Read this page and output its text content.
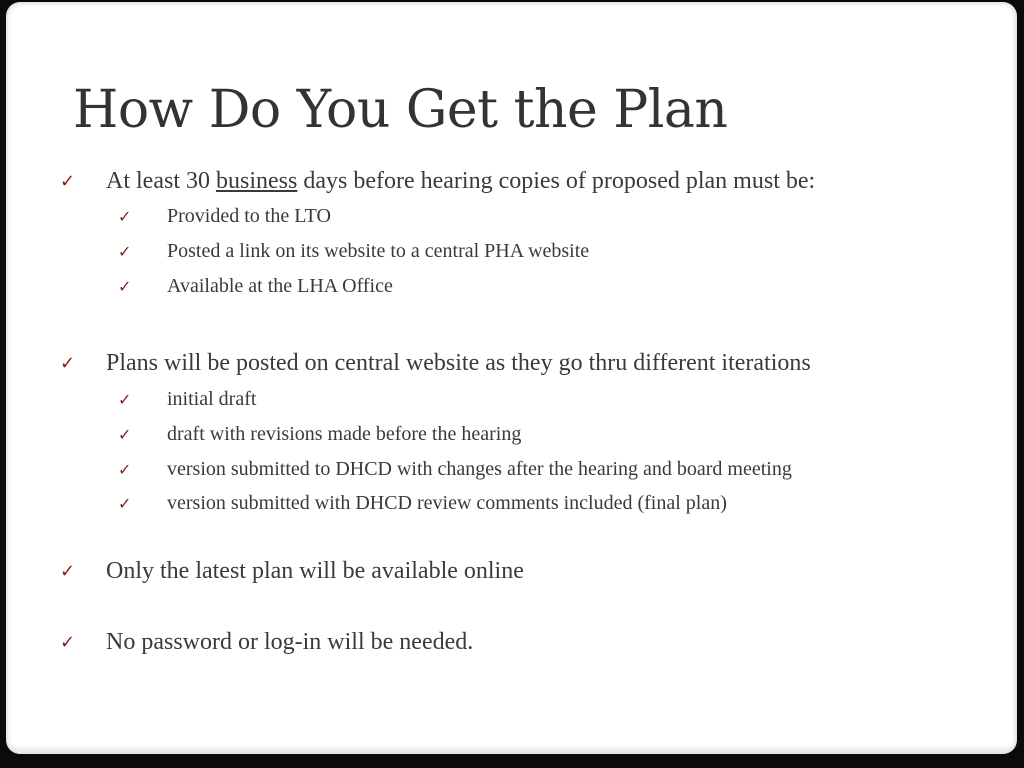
How Do You Get the Plan
✓	At least 30 business days before hearing copies of proposed plan must be:
✓	Provided to the LTO
✓	Posted a link on its website to a central PHA website
✓	Available at the LHA Office
✓	Plans will be posted on central website as they go thru different iterations
✓	initial draft
✓	draft with revisions made before the hearing
✓	version submitted to DHCD with changes after the hearing and board meeting
✓	version submitted with DHCD review comments included (final plan)
✓	Only the latest plan will be available online
✓	No password or log-in will be needed.
